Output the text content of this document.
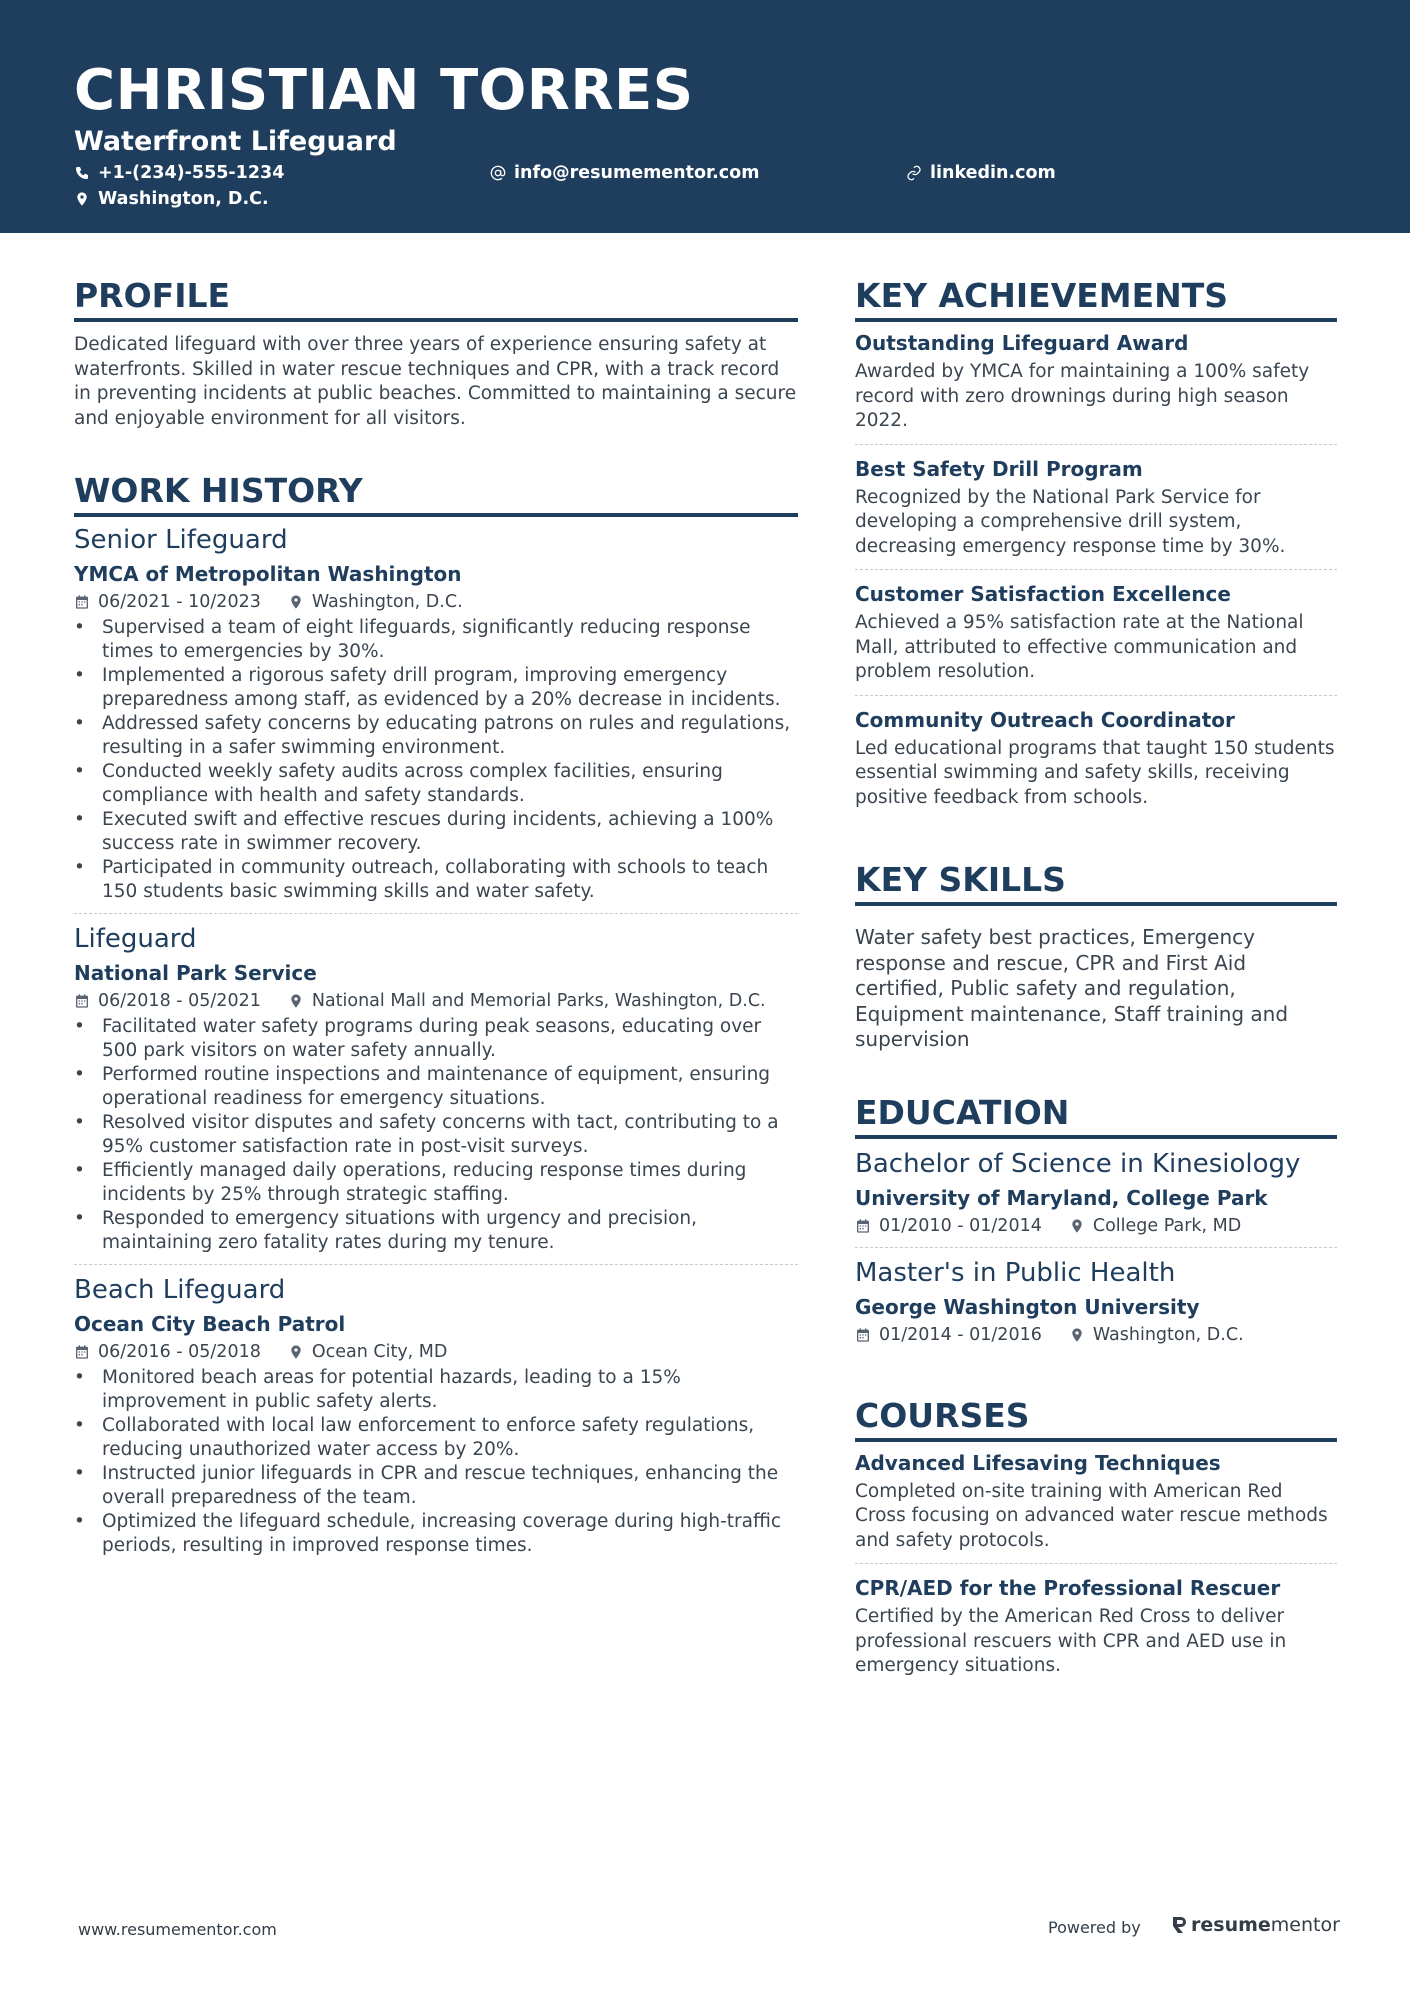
CHRISTIAN TORRES
Waterfront Lifeguard
+1-(234)-555-1234	info@resumementor.com	linkedin.com
Washington, D.C.
PROFILE
Dedicated lifeguard with over three years of experience ensuring safety at waterfronts. Skilled in water rescue techniques and CPR, with a track record in preventing incidents at public beaches. Committed to maintaining a secure and enjoyable environment for all visitors.
WORK HISTORY
Senior Lifeguard
YMCA of Metropolitan Washington
06/2021 - 10/2023	Washington, D.C.
• Supervised a team of eight lifeguards, significantly reducing response times to emergencies by 30%.
• Implemented a rigorous safety drill program, improving emergency preparedness among staff, as evidenced by a 20% decrease in incidents.
• Addressed safety concerns by educating patrons on rules and regulations, resulting in a safer swimming environment.
• Conducted weekly safety audits across complex facilities, ensuring compliance with health and safety standards.
• Executed swift and effective rescues during incidents, achieving a 100% success rate in swimmer recovery.
• Participated in community outreach, collaborating with schools to teach 150 students basic swimming skills and water safety.
Lifeguard
National Park Service
06/2018 - 05/2021	National Mall and Memorial Parks, Washington, D.C.
• Facilitated water safety programs during peak seasons, educating over 500 park visitors on water safety annually.
• Performed routine inspections and maintenance of equipment, ensuring operational readiness for emergency situations.
• Resolved visitor disputes and safety concerns with tact, contributing to a 95% customer satisfaction rate in post-visit surveys.
• Efficiently managed daily operations, reducing response times during incidents by 25% through strategic staffing.
• Responded to emergency situations with urgency and precision, maintaining zero fatality rates during my tenure.
Beach Lifeguard
Ocean City Beach Patrol
06/2016 - 05/2018	Ocean City, MD
• Monitored beach areas for potential hazards, leading to a 15% improvement in public safety alerts.
• Collaborated with local law enforcement to enforce safety regulations, reducing unauthorized water access by 20%.
• Instructed junior lifeguards in CPR and rescue techniques, enhancing the overall preparedness of the team.
• Optimized the lifeguard schedule, increasing coverage during high-traffic periods, resulting in improved response times.
KEY ACHIEVEMENTS
Outstanding Lifeguard Award
Awarded by YMCA for maintaining a 100% safety record with zero drownings during high season 2022.
Best Safety Drill Program
Recognized by the National Park Service for developing a comprehensive drill system, decreasing emergency response time by 30%.
Customer Satisfaction Excellence
Achieved a 95% satisfaction rate at the National Mall, attributed to effective communication and problem resolution.
Community Outreach Coordinator
Led educational programs that taught 150 students essential swimming and safety skills, receiving positive feedback from schools.
KEY SKILLS
Water safety best practices, Emergency response and rescue, CPR and First Aid certified, Public safety and regulation, Equipment maintenance, Staff training and supervision
EDUCATION
Bachelor of Science in Kinesiology
University of Maryland, College Park
01/2010 - 01/2014	College Park, MD
Master's in Public Health
George Washington University
01/2014 - 01/2016	Washington, D.C.
COURSES
Advanced Lifesaving Techniques
Completed on-site training with American Red Cross focusing on advanced water rescue methods and safety protocols.
CPR/AED for the Professional Rescuer
Certified by the American Red Cross to deliver professional rescuers with CPR and AED use in emergency situations.
www.resumementor.com	Powered by	resume mentor
